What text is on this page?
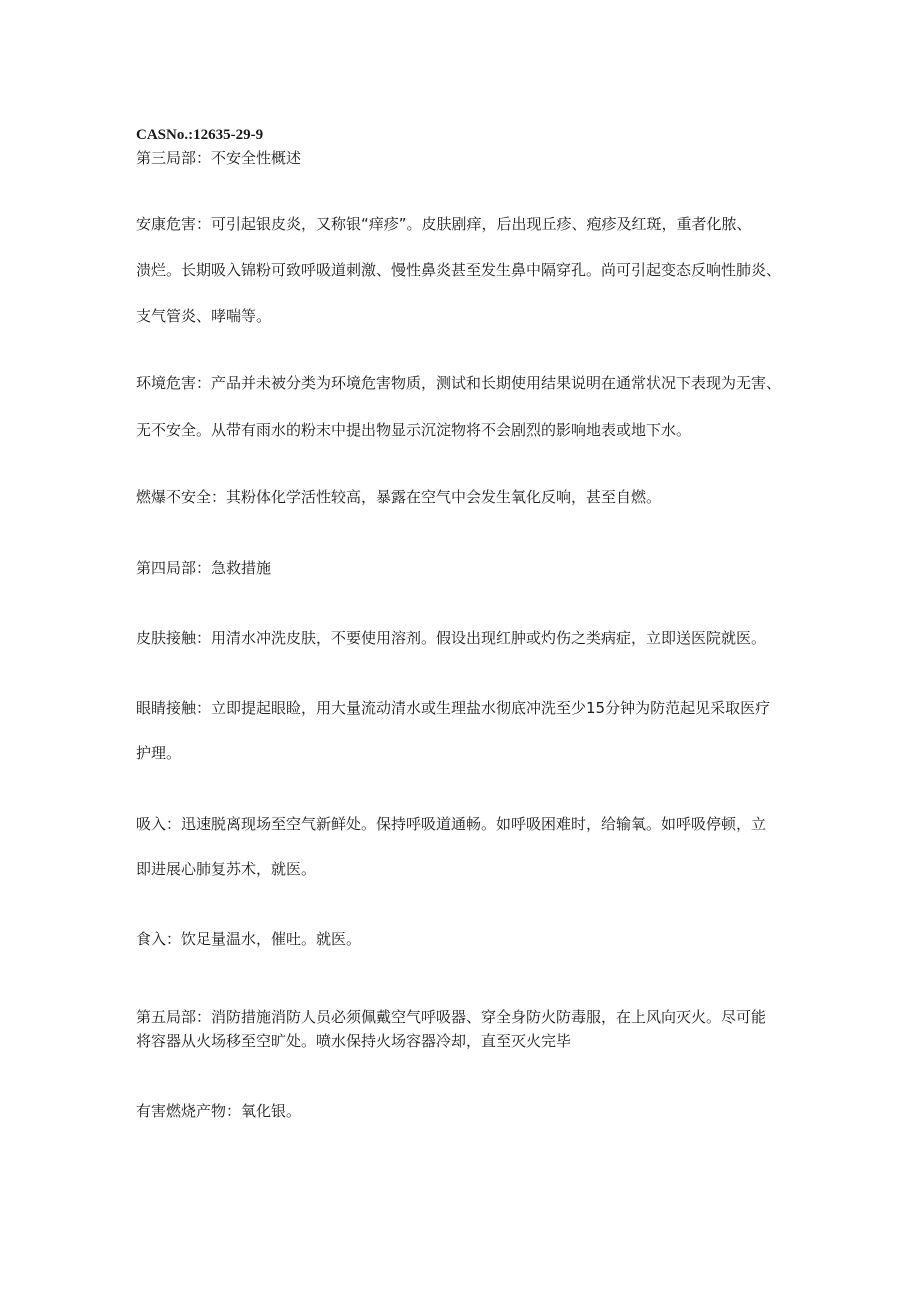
CASNo.:12635-29-9
第三局部：不安全性概述
安康危害：可引起银皮炎，又称银“痒疹”。皮肤剧痒，后出现丘疹、疱疹及红斑，重者化脓、
溃烂。长期吸入锦粉可致呼吸道刺激、慢性鼻炎甚至发生鼻中隔穿孔。尚可引起变态反响性肺炎、
支气管炎、哮喘等。
环境危害：产品并未被分类为环境危害物质，测试和长期使用结果说明在通常状况下表现为无害、
无不安全。从带有雨水的粉末中提出物显示沉淀物将不会剧烈的影响地表或地下水。
燃爆不安全：其粉体化学活性较高，暴露在空气中会发生氧化反响，甚至自燃。
第四局部：急救措施
皮肤接触：用清水冲洗皮肤，不要使用溶剂。假设出现红肿或灼伤之类病症，立即送医院就医。
眼睛接触：立即提起眼睑，用大量流动清水或生理盐水彻底冲洗至少15分钟为防范起见采取医疗
护理。
吸入：迅速脱离现场至空气新鲜处。保持呼吸道通畅。如呼吸困难时，给输氧。如呼吸停顿，立
即进展心肺复苏术，就医。
食入：饮足量温水，催吐。就医。
第五局部：消防措施消防人员必须佩戴空气呼吸器、穿全身防火防毒服，在上风向灭火。尽可能
将容器从火场移至空旷处。喷水保持火场容器冷却，直至灭火完毕
有害燃烧产物：氧化银。
